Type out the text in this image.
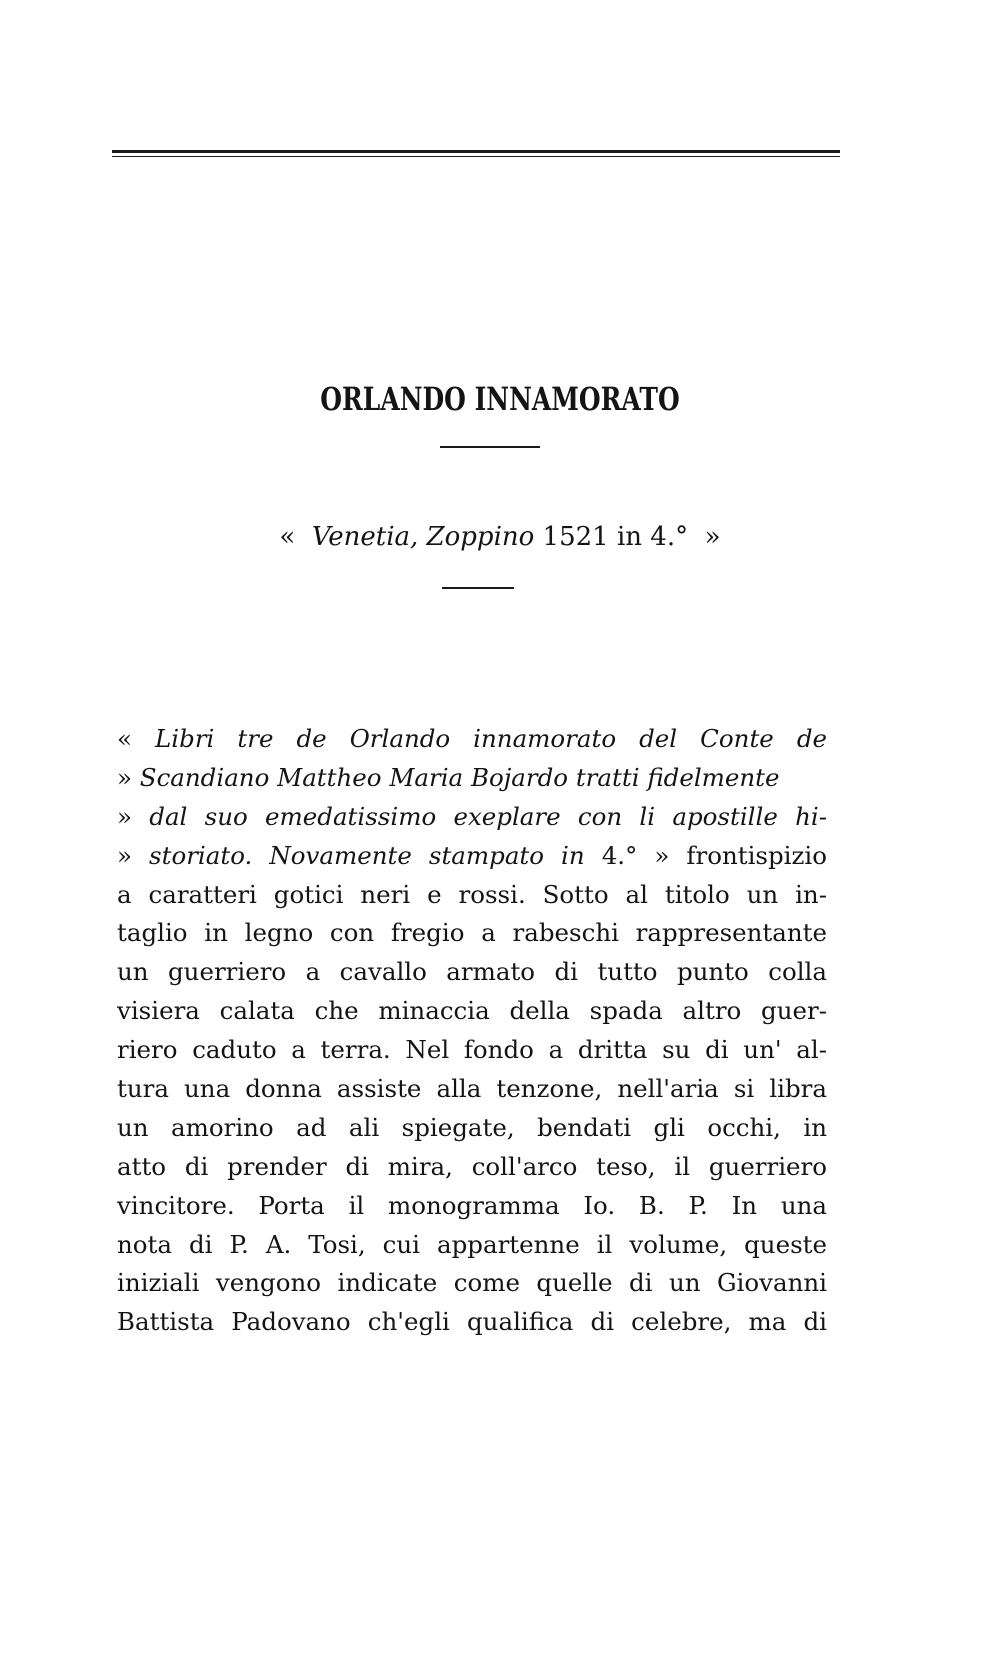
ORLANDO INNAMORATO
« Venetia, Zoppino 1521 in 4.° »
« Libri tre de Orlando innamorato del Conte de
» Scandiano Mattheo Maria Bojardo tratti fidelmente
» dal suo emedatissimo exeplare con li apostille hi-
» storiato. Novamente stampato in 4.° » frontispizio
a caratteri gotici neri e rossi. Sotto al titolo un in-
taglio in legno con fregio a rabeschi rappresentante
un guerriero a cavallo armato di tutto punto colla
visiera calata che minaccia della spada altro guer-
riero caduto a terra. Nel fondo a dritta su di un' al-
tura una donna assiste alla tenzone, nell'aria si libra
un amorino ad ali spiegate, bendati gli occhi, in
atto di prender di mira, coll'arco teso, il guerriero
vincitore. Porta il monogramma Io. B. P. In una
nota di P. A. Tosi, cui appartenne il volume, queste
iniziali vengono indicate come quelle di un Giovanni
Battista Padovano ch'egli qualifica di celebre, ma di
